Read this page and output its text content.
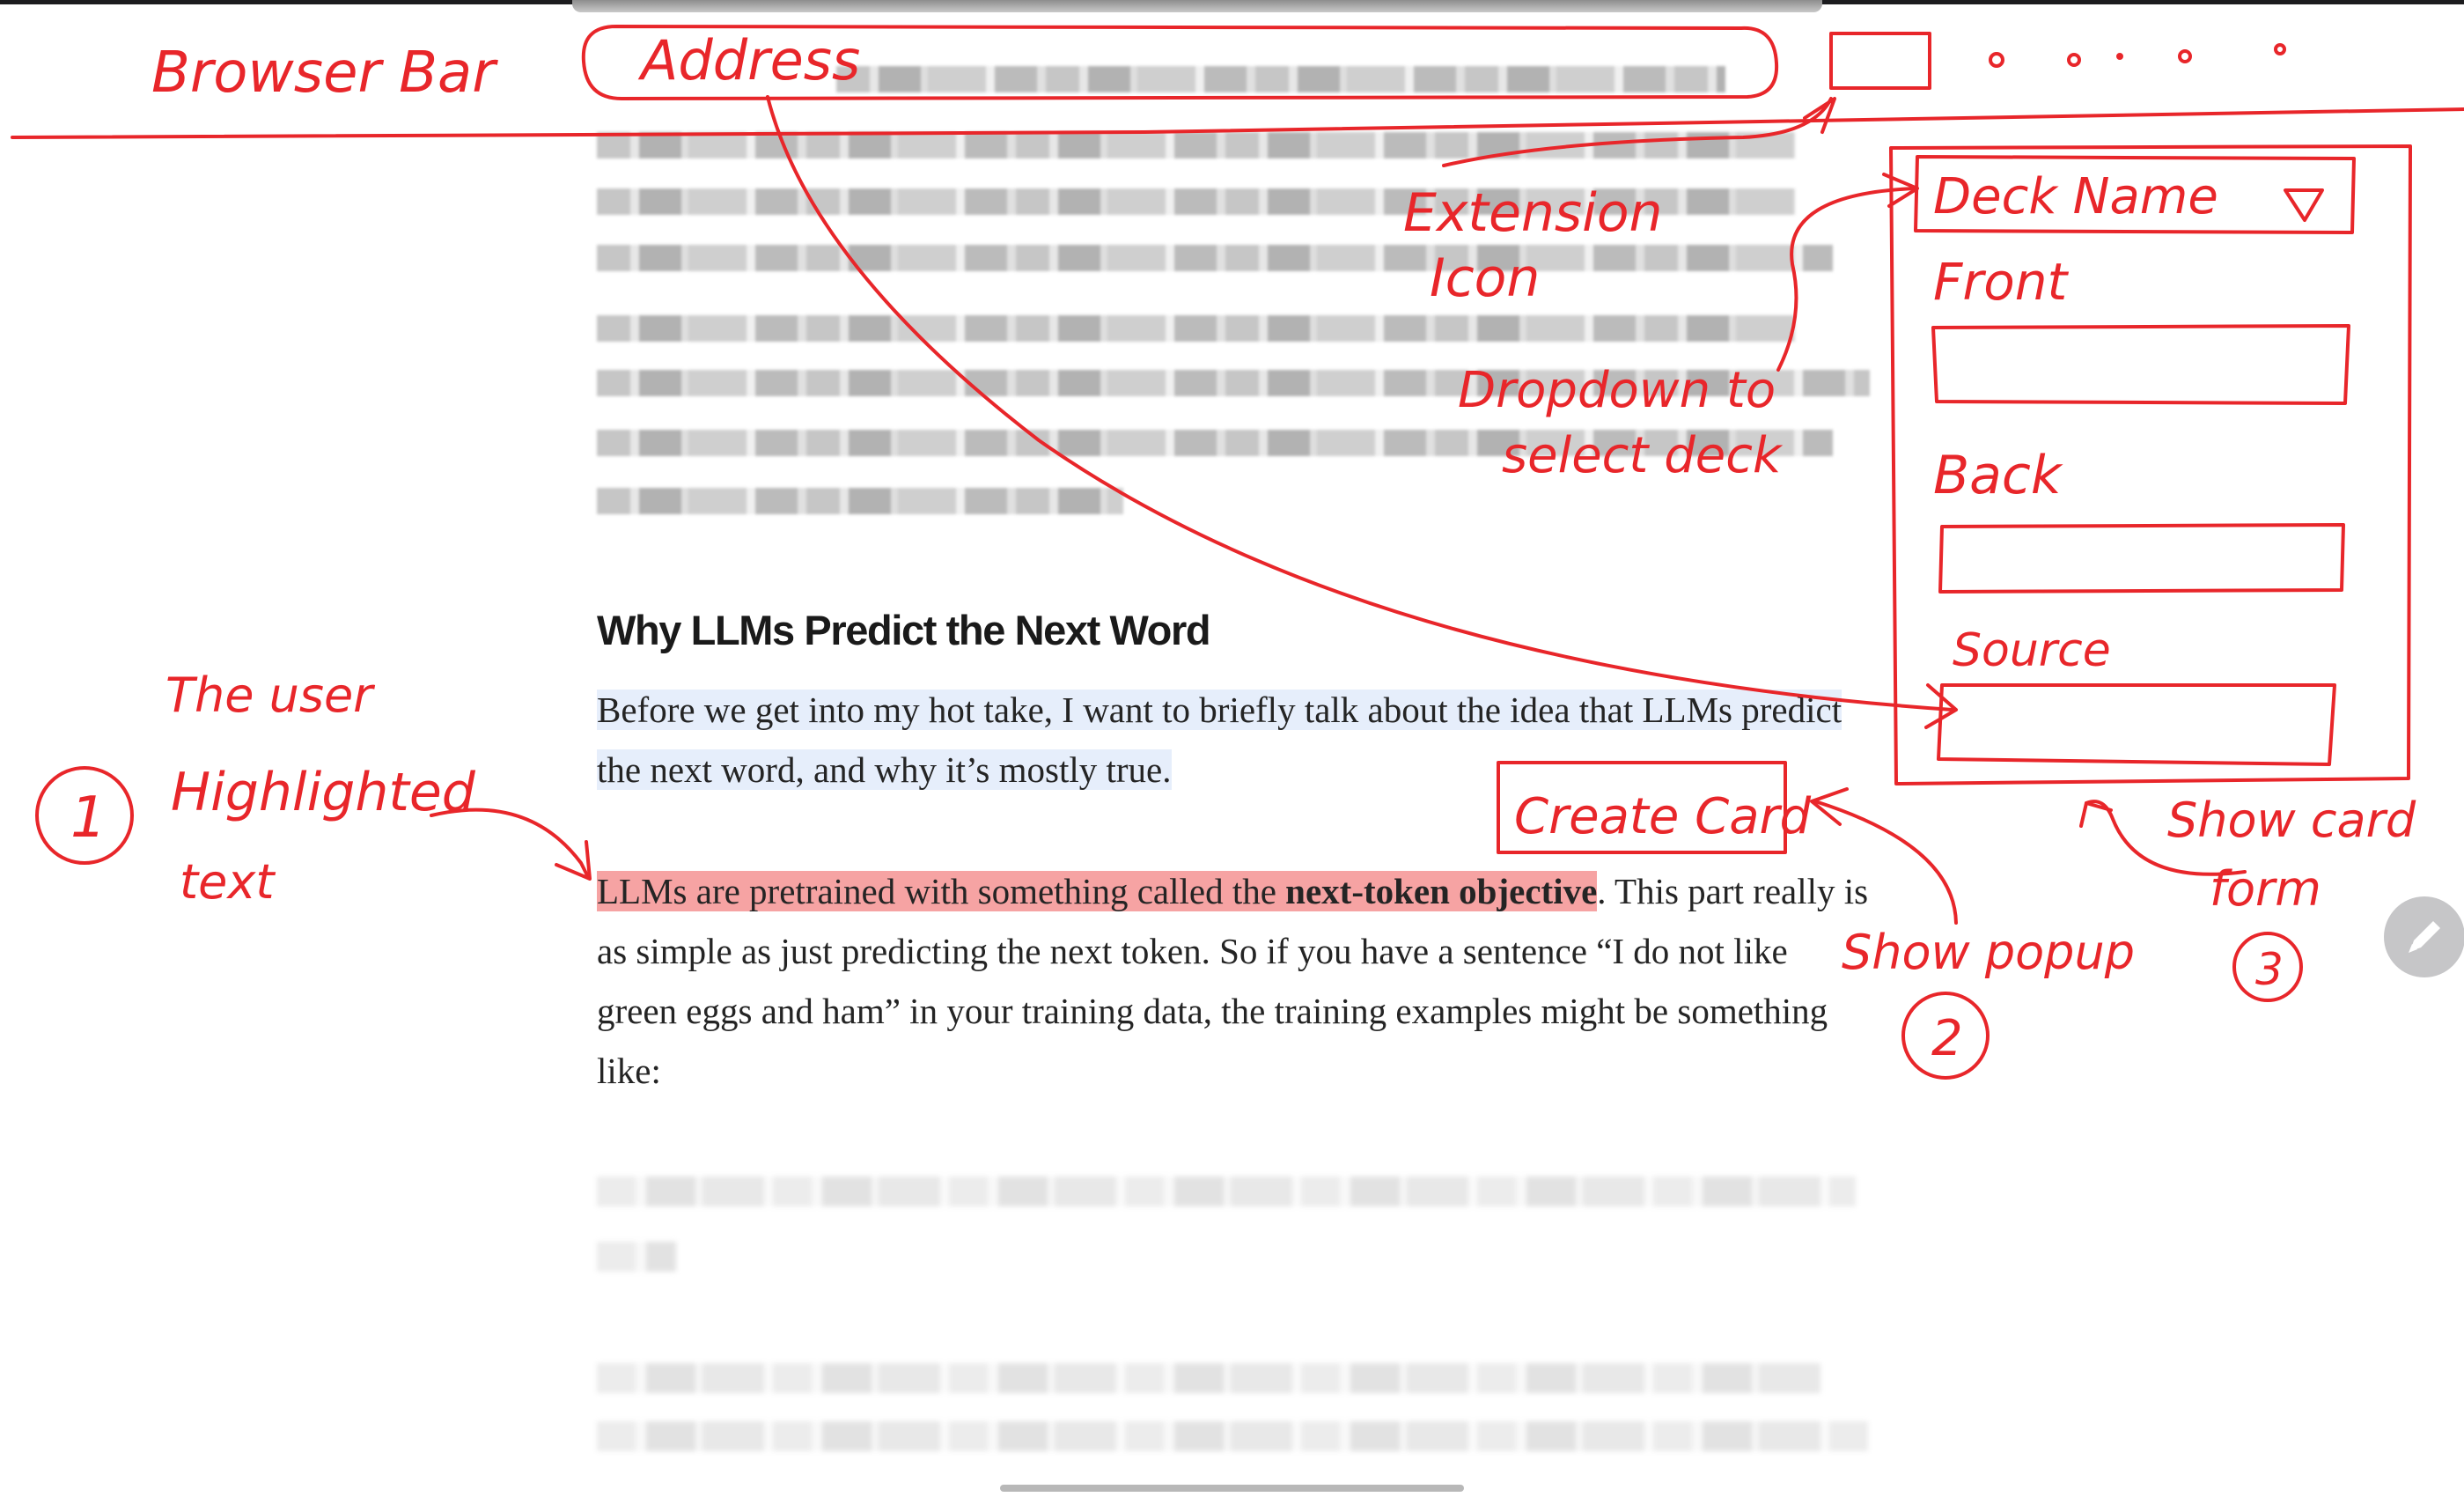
Why LLMs Predict the Next Word
Before we get into my hot take, I want to briefly talk about the idea that LLMs predict the next word, and why it’s mostly true.
LLMs are pretrained with something called the next-token objective. This part really is as simple as just predicting the next token. So if you have a sentence “I do not like green eggs and ham” in your training data, the training examples might be something like:
Browser Bar	Address
Extension
Icon
Dropdown to
select deck
The user
Highlighted
text
Create Card
Show popup
Show card
form
1
2
3
Deck Name
Front
Back
Source
